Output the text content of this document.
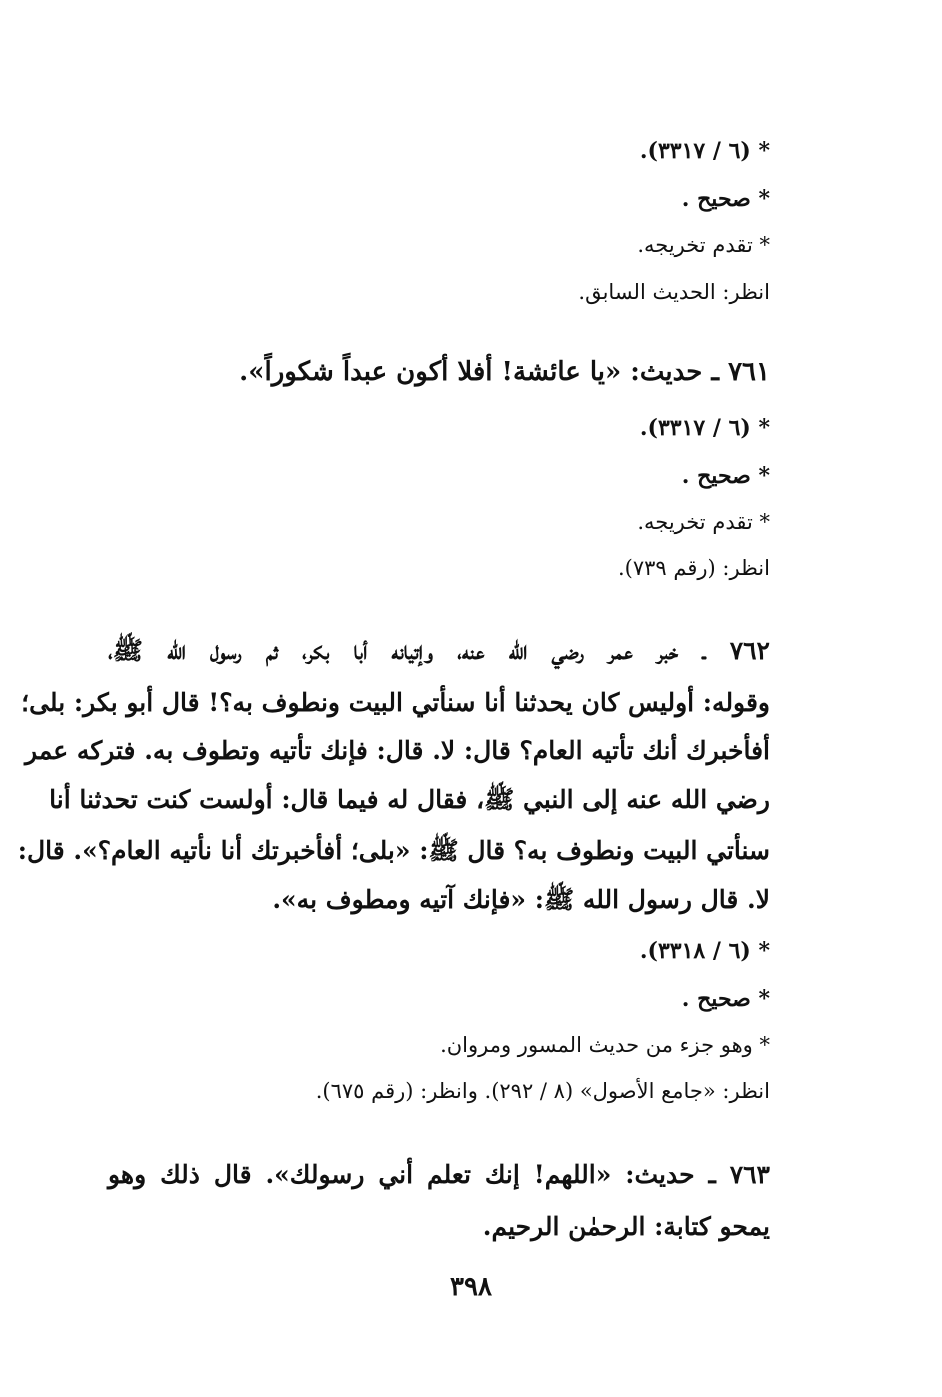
* (٦ / ٣٣١٧).
* صحيح .
* تقدم تخريجه.
انظر: الحديث السابق.
٧٦١ ـ حديث: «يا عائشة! أفلا أكون عبداً شكوراً».
* (٦ / ٣٣١٧).
* صحيح .
* تقدم تخريجه.
انظر: (رقم ٧٣٩).
٧٦٢ ـ خبر عمر رضي الله عنه، وإتيانه أبا بكر، ثم رسول الله ﷺ،
وقوله: أوليس كان يحدثنا أنا سنأتي البيت ونطوف به؟! قال أبو بكر: بلى؛
أفأخبرك أنك تأتيه العام؟ قال: لا. قال: فإنك تأتيه وتطوف به. فتركه عمر
رضي الله عنه إلى النبي ﷺ، فقال له فيما قال: أولست كنت تحدثنا أنا
سنأتي البيت ونطوف به؟ قال ﷺ: «بلى؛ أفأخبرتك أنا نأتيه العام؟». قال:
لا. قال رسول الله ﷺ: «فإنك آتيه ومطوف به».
* (٦ / ٣٣١٨).
* صحيح .
* وهو جزء من حديث المسور ومروان.
انظر: «جامع الأصول» (٨ / ٢٩٢). وانظر: (رقم ٦٧٥).
٧٦٣ ـ حديث: «اللهم! إنك تعلم أني رسولك». قال ذلك وهو
يمحو كتابة: الرحمٰن الرحيم.
٣٩٨
